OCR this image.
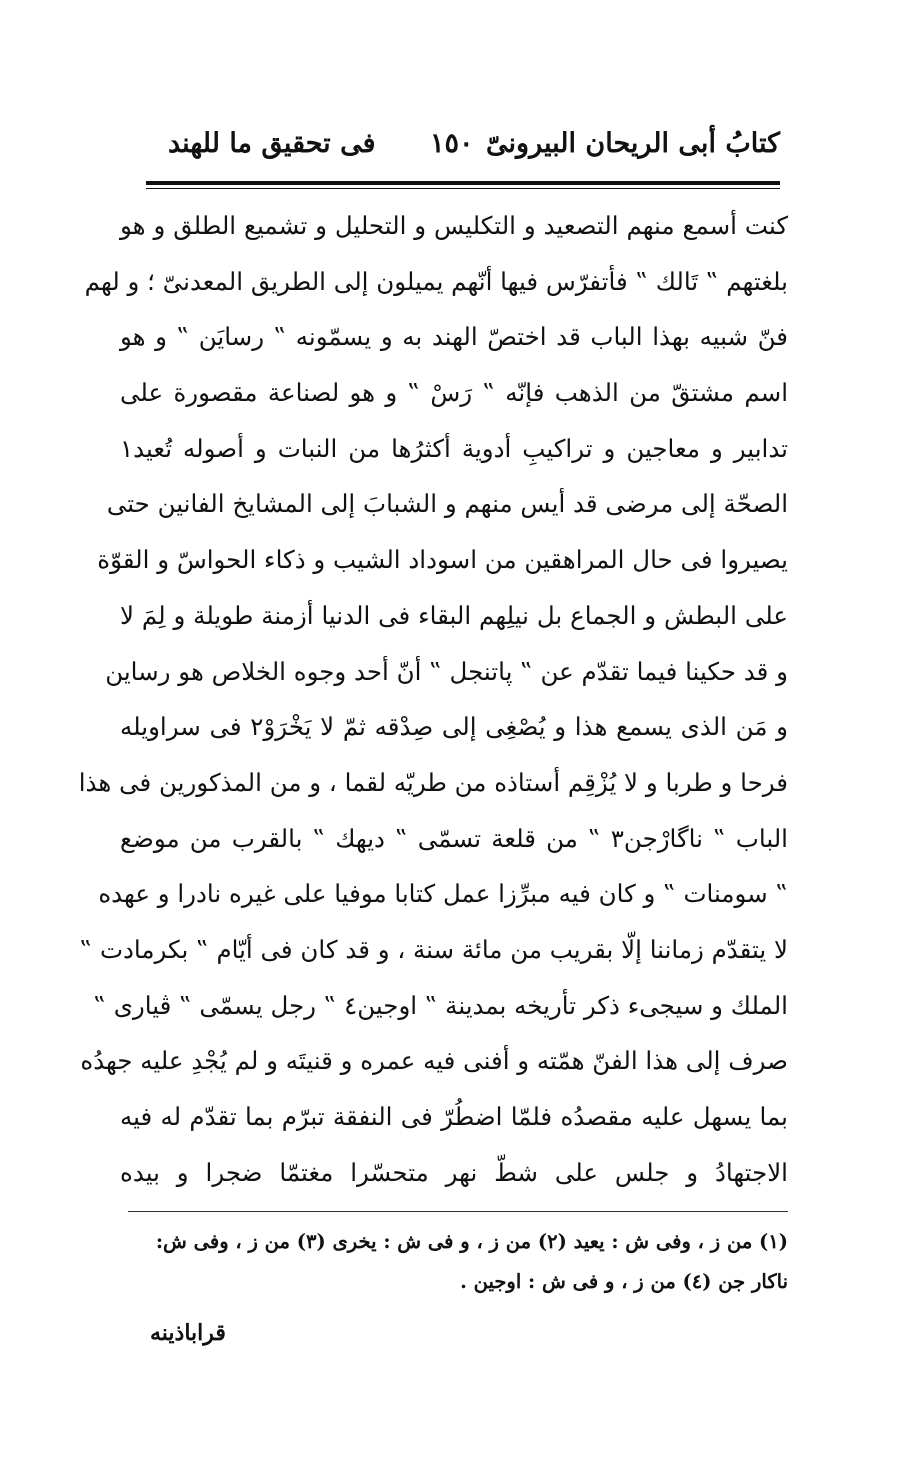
كتابُ أبى الريحان البيرونىّ
١٥٠
فى تحقيق ما للهند
كنت أسمع منهم التصعيد و التكليس و التحليل و تشميع الطلق و هو
بلغتهم ‟ تَالك ‟ فأتفرّس فيها أنّهم يميلون إلى الطريق المعدنىّ ؛ و لهم
فنّ شبيه بهذا الباب قد اختصّ الهند به و يسمّونه ‟ رسايَن ‟ و هو
اسم مشتقّ من الذهب فإنّه ‟ رَسْ ‟ و هو لصناعة مقصورة على
تدابير و معاجين و تراكيبِ أدوية أكثرُها من النبات و أصوله تُعيد١
الصحّة إلى مرضى قد أيس منهم و الشبابَ إلى المشايخ الفانين حتى
يصيروا فى حال المراهقين من اسوداد الشيب و ذكاء الحواسّ و القوّة
على البطش و الجماع بل نيلِهم البقاء فى الدنيا أزمنة طويلة و لِمَ لا
و قد حكينا فيما تقدّم عن ‟ پاتنجل ‟ أنّ أحد وجوه الخلاص هو رساين
و مَن الذى يسمع هذا و يُصْغِى إلى صِدْقه ثمّ لا يَخْرَوْ٢ فى سراويله
فرحا و طربا و لا يُزْقِم أستاذه من طريّه لقما ، و من المذكورين فى هذا
الباب ‟ ناگارْجن٣ ‟ من قلعة تسمّى ‟ ديهك ‟ بالقرب من موضع
‟ سومنات ‟ و كان فيه مبرِّزا عمل كتابا موفيا على غيره نادرا و عهده
لا يتقدّم زماننا إلّا بقريب من مائة سنة ، و قد كان فى أيّام ‟ بكرمادت ‟
الملك و سيجىء ذكر تأريخه بمدينة ‟ اوجين٤ ‟ رجل يسمّى ‟ ڤيارى ‟
صرف إلى هذا الفنّ همّته و أفنى فيه عمره و قنيتَه و لم يُجْدِ عليه جهدُه
بما يسهل عليه مقصدُه فلمّا اضطُرّ فى النفقة تبرّم بما تقدّم له فيه
الاجتهادُ و جلس على شطّ نهر متحسّرا مغتمّا ضجرا و بيده
(١) من ز ، وفى ش : يعيد (٢) من ز ، و فى ش : يخرى (٣) من ز ، وفى ش:
ناكار جن (٤) من ز ، و فى ش : اوجين .
قراباذينه
